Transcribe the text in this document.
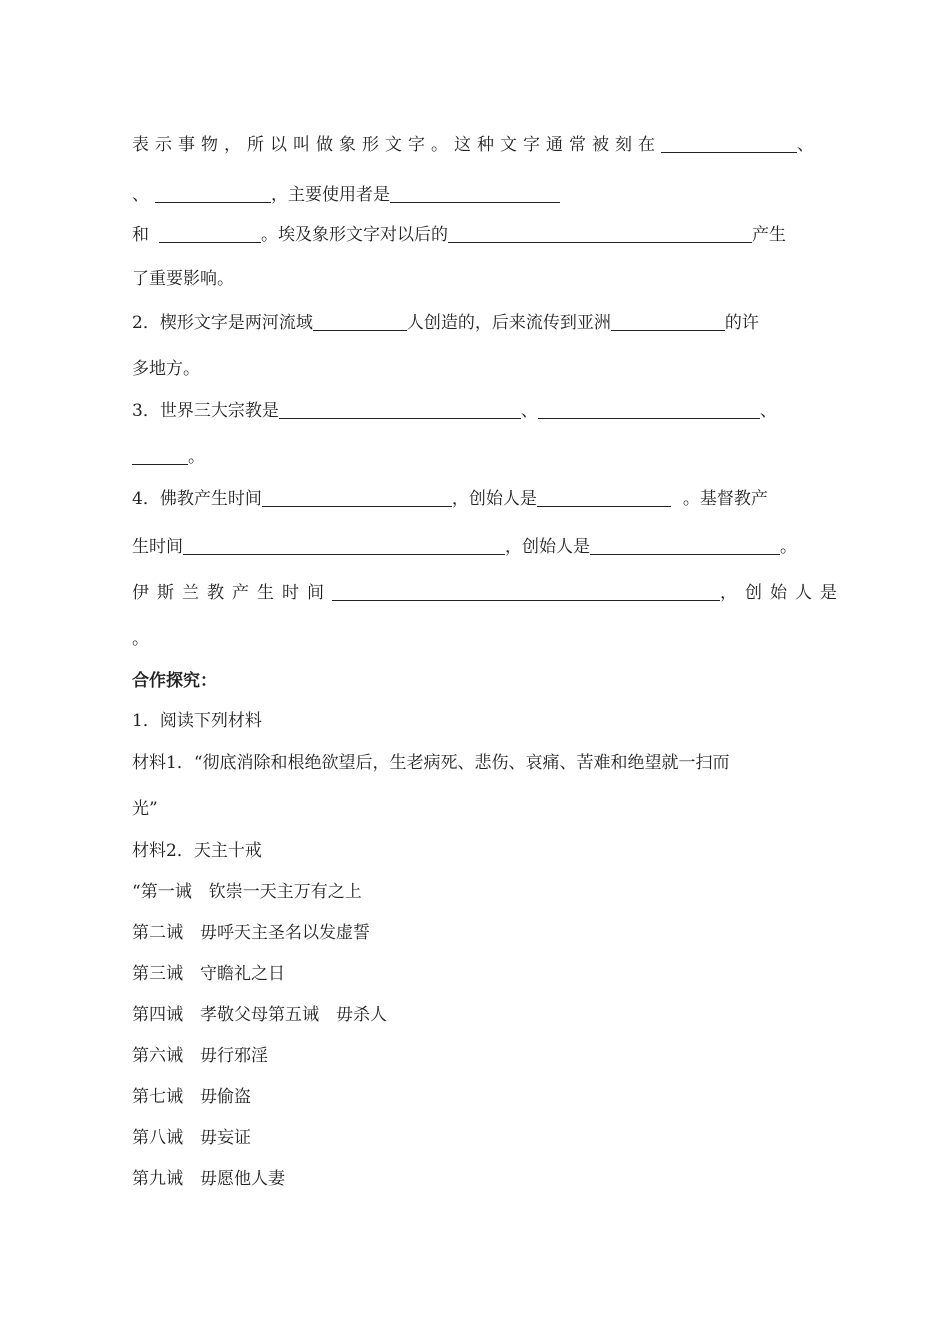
表示事物，所以叫做象形文字。这种文字通常被刻在	、
、	，主要使用者是
和	。埃及象形文字对以后的	产生
了重要影响。
2．楔形文字是两河流域	人创造的，后来流传到亚洲	的许
多地方。
3．世界三大宗教是	、	、
。
4．佛教产生时间	，创始人是	。基督教产
生时间	，创始人是	。
伊斯兰教产生时间	，创始人是
。
合作探究：
1．阅读下列材料
材料1．“彻底消除和根绝欲望后，生老病死、悲伤、哀痛、苦难和绝望就一扫而
光”
材料2．天主十戒
“第一诫　钦崇一天主万有之上
第二诫　毋呼天主圣名以发虚誓
第三诫　守瞻礼之日
第四诫　孝敬父母第五诫　毋杀人
第六诫　毋行邪淫
第七诫　毋偷盗
第八诫　毋妄证
第九诫　毋愿他人妻
